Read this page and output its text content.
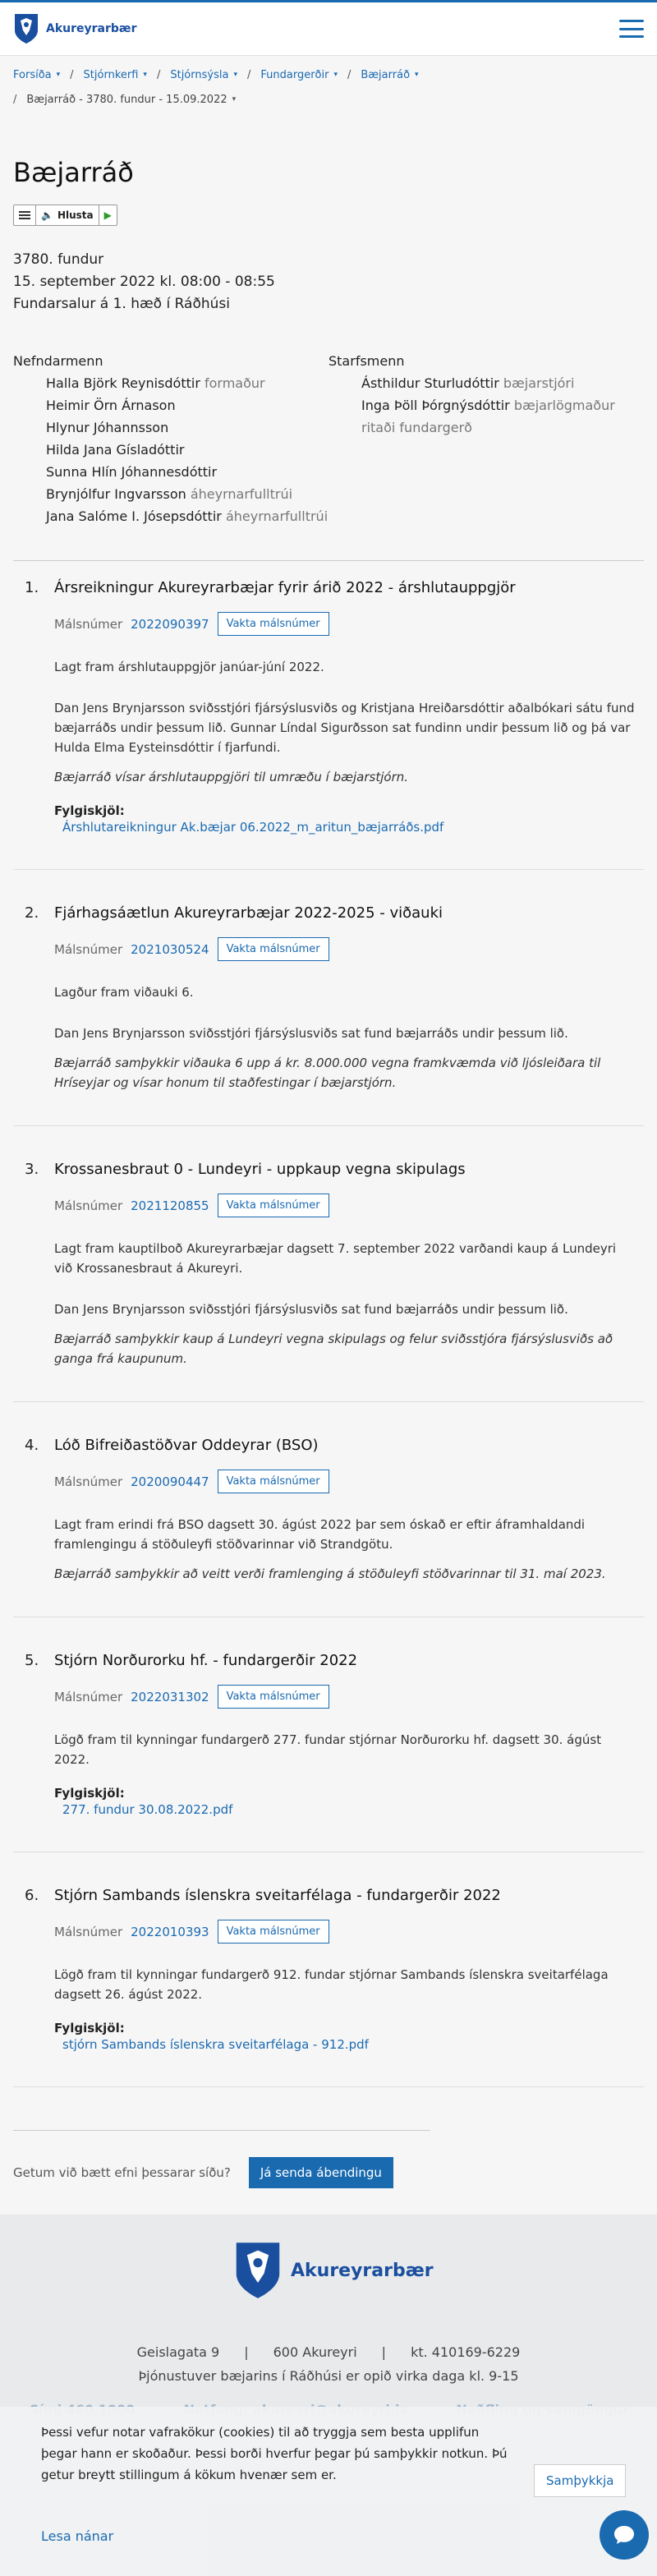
Akureyrarbær
Forsíða ▾ / Stjórnkerfi ▾ / Stjórnsýsla ▾ / Fundargerðir ▾ / Bæjarráð ▾
/ Bæjarráð - 3780. fundur - 15.09.2022 ▾
Bæjarráð
🔈 Hlusta ▶
3780. fundur
15. september 2022 kl. 08:00 - 08:55
Fundarsalur á 1. hæð í Ráðhúsi
Nefndarmenn
Halla Björk Reynisdóttir formaður
Heimir Örn Árnason
Hlynur Jóhannsson
Hilda Jana Gísladóttir
Sunna Hlín Jóhannesdóttir
Brynjólfur Ingvarsson áheyrnarfulltrúi
Jana Salóme I. Jósepsdóttir áheyrnarfulltrúi
Starfsmenn
Ásthildur Sturludóttir bæjarstjóri
Inga Þöll Þórgnýsdóttir bæjarlögmaður ritaði fundargerð
1.	Ársreikningur Akureyrarbæjar fyrir árið 2022 - árshlutauppgjör
Málsnúmer 2022090397	Vakta málsnúmer
Lagt fram árshlutauppgjör janúar-júní 2022.
Dan Jens Brynjarsson sviðsstjóri fjársýslusviðs og Kristjana Hreiðarsdóttir aðalbókari sátu fund bæjarráðs undir þessum lið. Gunnar Líndal Sigurðsson sat fundinn undir þessum lið og þá var Hulda Elma Eysteinsdóttir í fjarfundi.
Bæjarráð vísar árshlutauppgjöri til umræðu í bæjarstjórn.
Fylgiskjöl:
Árshlutareikningur Ak.bæjar 06.2022_m_aritun_bæjarráðs.pdf
2.	Fjárhagsáætlun Akureyrarbæjar 2022-2025 - viðauki
Málsnúmer 2021030524	Vakta málsnúmer
Lagður fram viðauki 6.
Dan Jens Brynjarsson sviðsstjóri fjársýslusviðs sat fund bæjarráðs undir þessum lið.
Bæjarráð samþykkir viðauka 6 upp á kr. 8.000.000 vegna framkvæmda við ljósleiðara til Hríseyjar og vísar honum til staðfestingar í bæjarstjórn.
3.	Krossanesbraut 0 - Lundeyri - uppkaup vegna skipulags
Málsnúmer 2021120855	Vakta málsnúmer
Lagt fram kauptilboð Akureyrarbæjar dagsett 7. september 2022 varðandi kaup á Lundeyri við Krossanesbraut á Akureyri.
Dan Jens Brynjarsson sviðsstjóri fjársýslusviðs sat fund bæjarráðs undir þessum lið.
Bæjarráð samþykkir kaup á Lundeyri vegna skipulags og felur sviðsstjóra fjársýslusviðs að ganga frá kaupunum.
4.	Lóð Bifreiðastöðvar Oddeyrar (BSO)
Málsnúmer 2020090447	Vakta málsnúmer
Lagt fram erindi frá BSO dagsett 30. ágúst 2022 þar sem óskað er eftir áframhaldandi framlengingu á stöðuleyfi stöðvarinnar við Strandgötu.
Bæjarráð samþykkir að veitt verði framlenging á stöðuleyfi stöðvarinnar til 31. maí 2023.
5.	Stjórn Norðurorku hf. - fundargerðir 2022
Málsnúmer 2022031302	Vakta málsnúmer
Lögð fram til kynningar fundargerð 277. fundar stjórnar Norðurorku hf. dagsett 30. ágúst 2022.
Fylgiskjöl:
277. fundur 30.08.2022.pdf
6.	Stjórn Sambands íslenskra sveitarfélaga - fundargerðir 2022
Málsnúmer 2022010393	Vakta málsnúmer
Lögð fram til kynningar fundargerð 912. fundar stjórnar Sambands íslenskra sveitarfélaga dagsett 26. ágúst 2022.
Fylgiskjöl:
stjórn Sambands íslenskra sveitarfélaga - 912.pdf
Getum við bætt efni þessarar síðu?	Já senda ábendingu
Akureyrarbær
Geislagata 9 | 600 Akureyri | kt. 410169-6229
Þjónustuver bæjarins í Ráðhúsi er opið virka daga kl. 9-15
Þessi vefur notar vafrakökur (cookies) til að tryggja sem besta upplifun þegar hann er skoðaður. Þessi borði hverfur þegar þú samþykkir notkun. Þú getur breytt stillingum á kökum hvenær sem er.	Samþykkja
Lesa nánar
